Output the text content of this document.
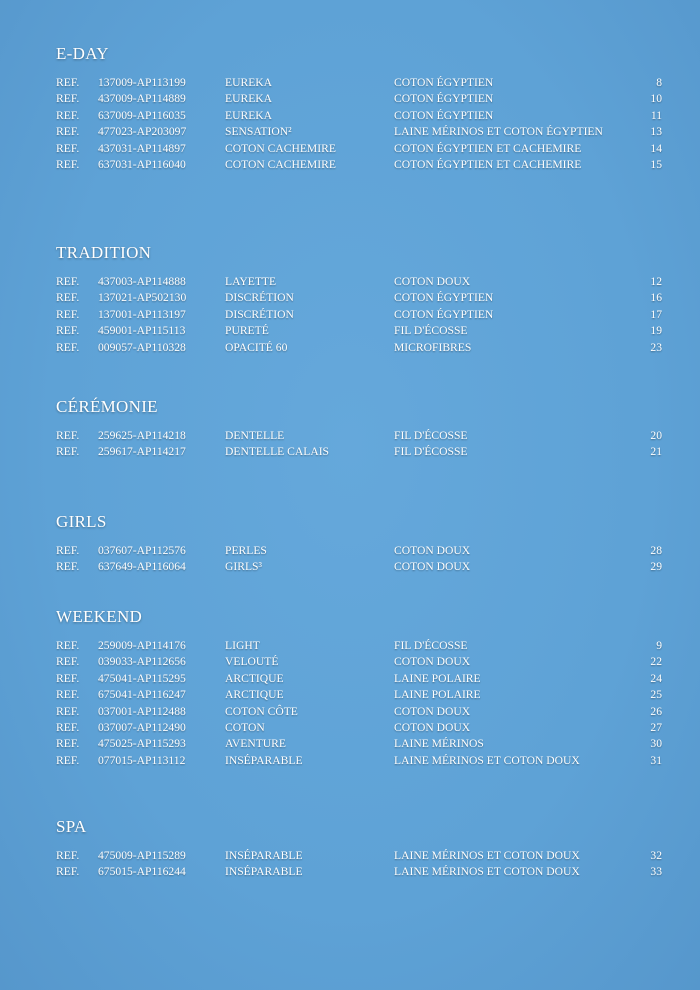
E-DAY
REF. 137009-AP113199	EUREKA	COTON ÉGYPTIEN	8
REF. 437009-AP114889	EUREKA	COTON ÉGYPTIEN	10
REF. 637009-AP116035	EUREKA	COTON ÉGYPTIEN	11
REF. 477023-AP203097	SENSATION²	LAINE MÉRINOS ET COTON ÉGYPTIEN	13
REF. 437031-AP114897	COTON CACHEMIRE	COTON ÉGYPTIEN ET CACHEMIRE	14
REF. 637031-AP116040	COTON CACHEMIRE	COTON ÉGYPTIEN ET CACHEMIRE	15
TRADITION
REF. 437003-AP114888	LAYETTE	COTON DOUX	12
REF. 137021-AP502130	DISCRÉTION	COTON ÉGYPTIEN	16
REF. 137001-AP113197	DISCRÉTION	COTON ÉGYPTIEN	17
REF. 459001-AP115113	PURETÉ	FIL D'ÉCOSSE	19
REF. 009057-AP110328	OPACITÉ 60	MICROFIBRES	23
CÉRÉMONIE
REF. 259625-AP114218	DENTELLE	FIL D'ÉCOSSE	20
REF. 259617-AP114217	DENTELLE CALAIS	FIL D'ÉCOSSE	21
GIRLS
REF. 037607-AP112576	PERLES	COTON DOUX	28
REF. 637649-AP116064	GIRLS³	COTON DOUX	29
WEEKEND
REF. 259009-AP114176	LIGHT	FIL D'ÉCOSSE	9
REF. 039033-AP112656	VELOUTÉ	COTON DOUX	22
REF. 475041-AP115295	ARCTIQUE	LAINE POLAIRE	24
REF. 675041-AP116247	ARCTIQUE	LAINE POLAIRE	25
REF. 037001-AP112488	COTON CÔTE	COTON DOUX	26
REF. 037007-AP112490	COTON	COTON DOUX	27
REF. 475025-AP115293	AVENTURE	LAINE MÉRINOS	30
REF. 077015-AP113112	INSÉPARABLE	LAINE MÉRINOS ET COTON DOUX	31
SPA
REF. 475009-AP115289	INSÉPARABLE	LAINE MÉRINOS ET COTON DOUX	32
REF. 675015-AP116244	INSÉPARABLE	LAINE MÉRINOS ET COTON DOUX	33
